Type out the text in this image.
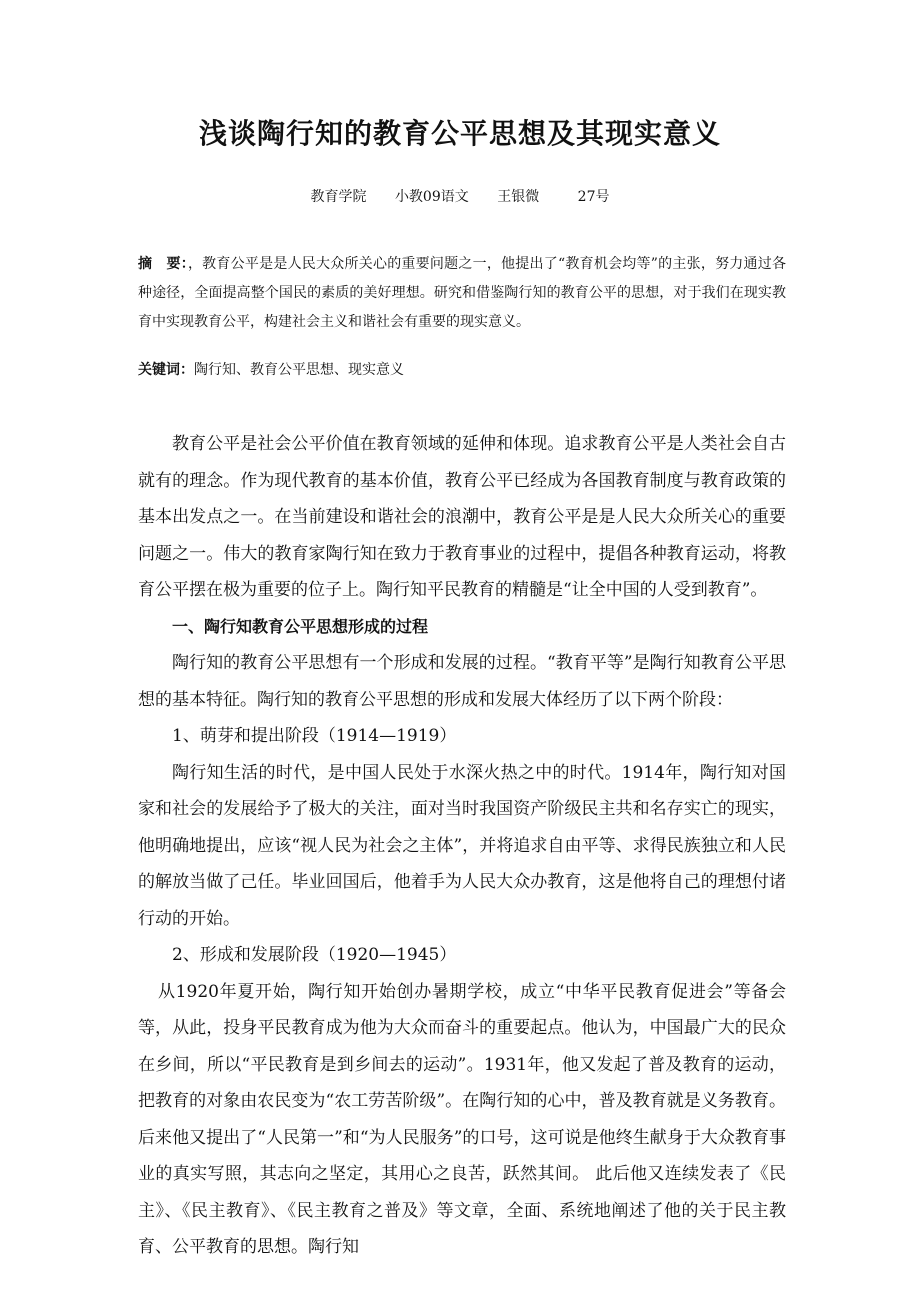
浅谈陶行知的教育公平思想及其现实意义
教育学院 小教09语文 王银微	27号
摘　要：，教育公平是是人民大众所关心的重要问题之一，他提出了“教育机会均等”的主张，努力通过各种途径，全面提高整个国民的素质的美好理想。研究和借鉴陶行知的教育公平的思想，对于我们在现实教育中实现教育公平，构建社会主义和谐社会有重要的现实意义。
关键词：陶行知、教育公平思想、现实意义

教育公平是社会公平价值在教育领域的延伸和体现。追求教育公平是人类社会自古就有的理念。作为现代教育的基本价值，教育公平已经成为各国教育制度与教育政策的基本出发点之一。在当前建设和谐社会的浪潮中，教育公平是是人民大众所关心的重要问题之一。伟大的教育家陶行知在致力于教育事业的过程中，提倡各种教育运动，将教育公平摆在极为重要的位子上。陶行知平民教育的精髓是“让全中国的人受到教育”。

一、陶行知教育公平思想形成的过程

陶行知的教育公平思想有一个形成和发展的过程。“教育平等”是陶行知教育公平思想的基本特征。陶行知的教育公平思想的形成和发展大体经历了以下两个阶段：

1、萌芽和提出阶段（1914—1919）

陶行知生活的时代，是中国人民处于水深火热之中的时代。1914年，陶行知对国家和社会的发展给予了极大的关注，面对当时我国资产阶级民主共和名存实亡的现实，他明确地提出，应该“视人民为社会之主体”，并将追求自由平等、求得民族独立和人民的解放当做了己任。毕业回国后，他着手为人民大众办教育，这是他将自己的理想付诸行动的开始。

2、形成和发展阶段（1920—1945）

从1920年夏开始，陶行知开始创办暑期学校，成立“中华平民教育促进会”等备会等，从此，投身平民教育成为他为大众而奋斗的重要起点。他认为，中国最广大的民众在乡间，所以“平民教育是到乡间去的运动”。1931年，他又发起了普及教育的运动，把教育的对象由农民变为“农工劳苦阶级”。在陶行知的心中，普及教育就是义务教育。后来他又提出了“人民第一”和“为人民服务”的口号，这可说是他终生献身于大众教育事业的真实写照，其志向之坚定，其用心之良苦，跃然其间。 此后他又连续发表了《民主》、《民主教育》、《民主教育之普及》等文章，全面、系统地阐述了他的关于民主教育、公平教育的思想。陶行知
